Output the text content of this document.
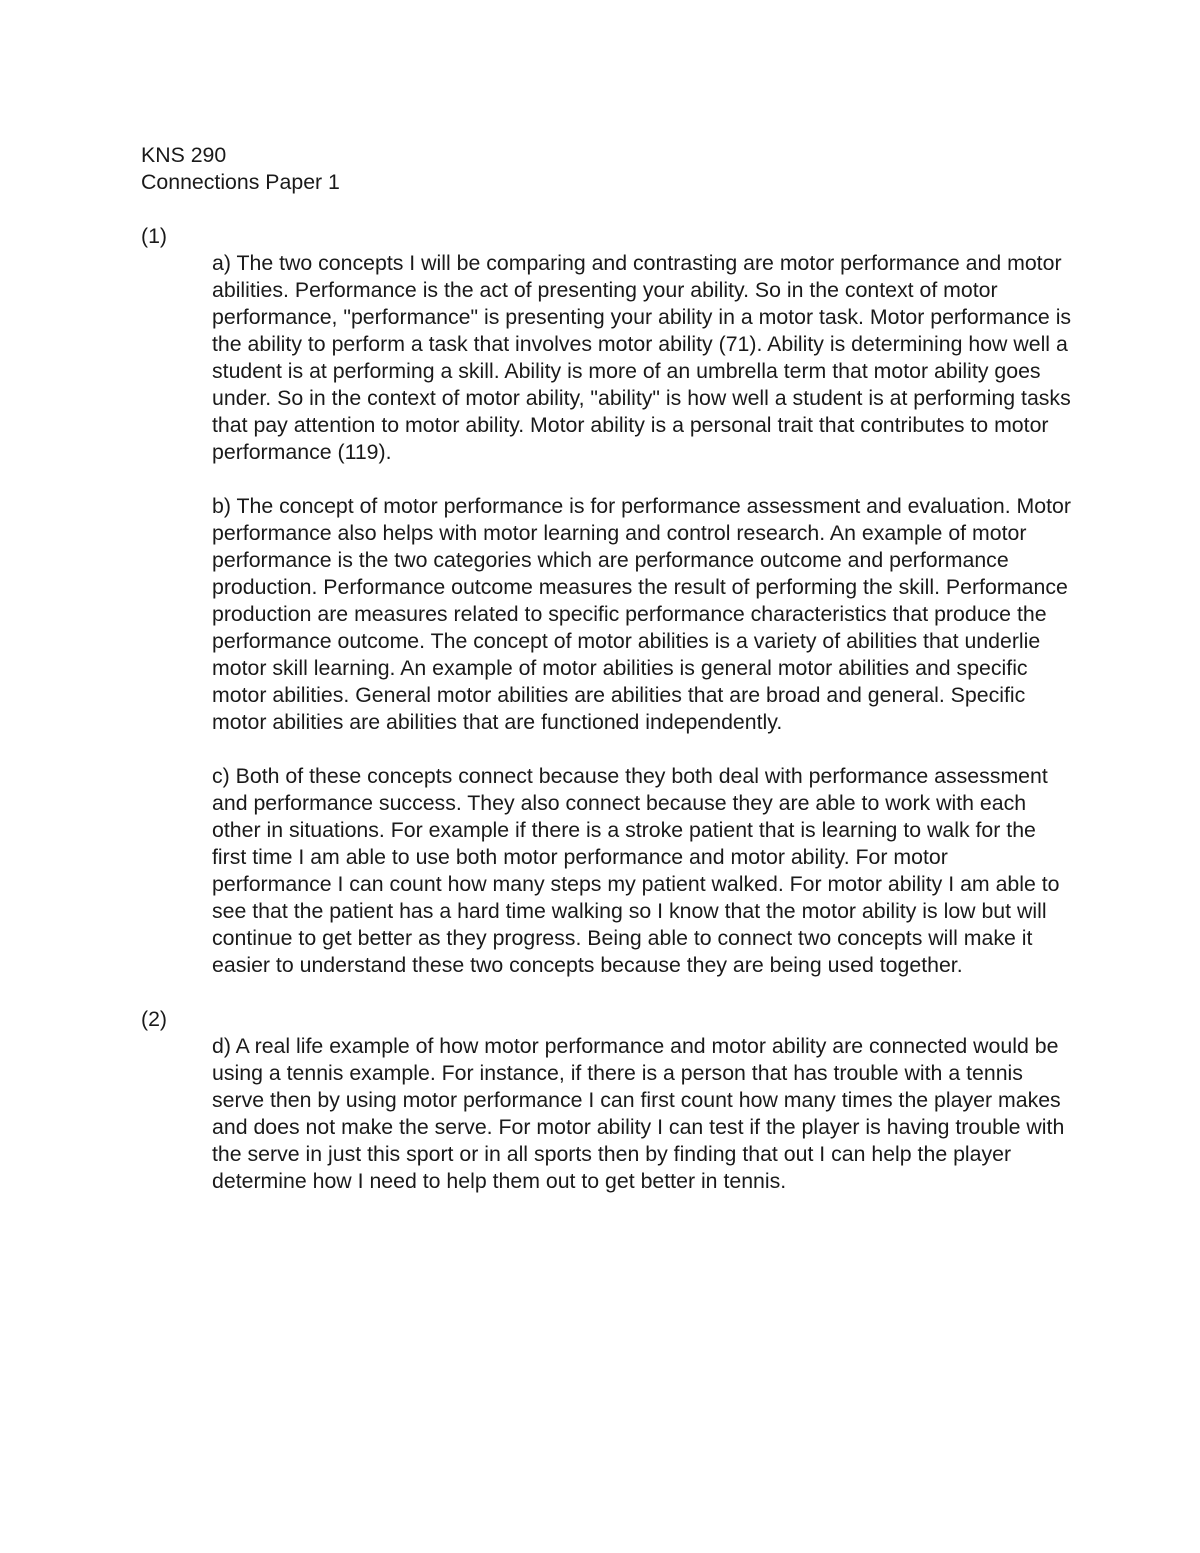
KNS 290
Connections Paper 1
(1)

a) The two concepts I will be comparing and contrasting are motor performance and motor abilities. Performance is the act of presenting your ability. So in the context of motor performance, "performance" is presenting your ability in a motor task. Motor performance is the ability to perform a task that involves motor ability (71). Ability is determining how well a student is at performing a skill. Ability is more of an umbrella term that motor ability goes under. So in the context of motor ability, "ability" is how well a student is at performing tasks that pay attention to motor ability. Motor ability is a personal trait that contributes to motor performance (119).

b) The concept of motor performance is for performance assessment and evaluation. Motor performance also helps with motor learning and control research. An example of motor performance is the two categories which are performance outcome and performance production. Performance outcome measures the result of performing the skill. Performance production are measures related to specific performance characteristics that produce the performance outcome. The concept of motor abilities is a variety of abilities that underlie motor skill learning. An example of motor abilities is general motor abilities and specific motor abilities. General motor abilities are abilities that are broad and general. Specific motor abilities are abilities that are functioned independently.

c) Both of these concepts connect because they both deal with performance assessment and performance success. They also connect because they are able to work with each other in situations. For example if there is a stroke patient that is learning to walk for the first time I am able to use both motor performance and motor ability. For motor performance I can count how many steps my patient walked. For motor ability I am able to see that the patient has a hard time walking so I know that the motor ability is low but will continue to get better as they progress. Being able to connect two concepts will make it easier to understand these two concepts because they are being used together.

(2)

d) A real life example of how motor performance and motor ability are connected would be using a tennis example. For instance, if there is a person that has trouble with a tennis serve then by using motor performance I can first count how many times the player makes and does not make the serve. For motor ability I can test if the player is having trouble with the serve in just this sport or in all sports then by finding that out I can help the player determine how I need to help them out to get better in tennis.
